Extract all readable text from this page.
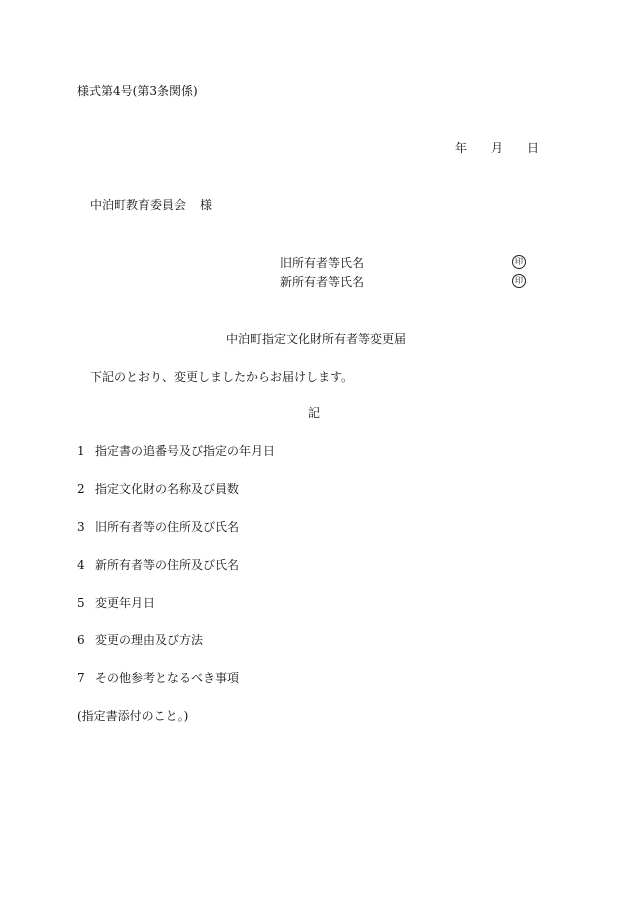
様式第4号(第3条関係)
年 月 日
中泊町教育委員会 様
旧所有者等氏名	印
新所有者等氏名	印
中泊町指定文化財所有者等変更届
下記のとおり、変更しましたからお届けします。
記
1 指定書の追番号及び指定の年月日
2 指定文化財の名称及び員数
3 旧所有者等の住所及び氏名
4 新所有者等の住所及び氏名
5 変更年月日
6 変更の理由及び方法
7 その他参考となるべき事項
(指定書添付のこと。)
